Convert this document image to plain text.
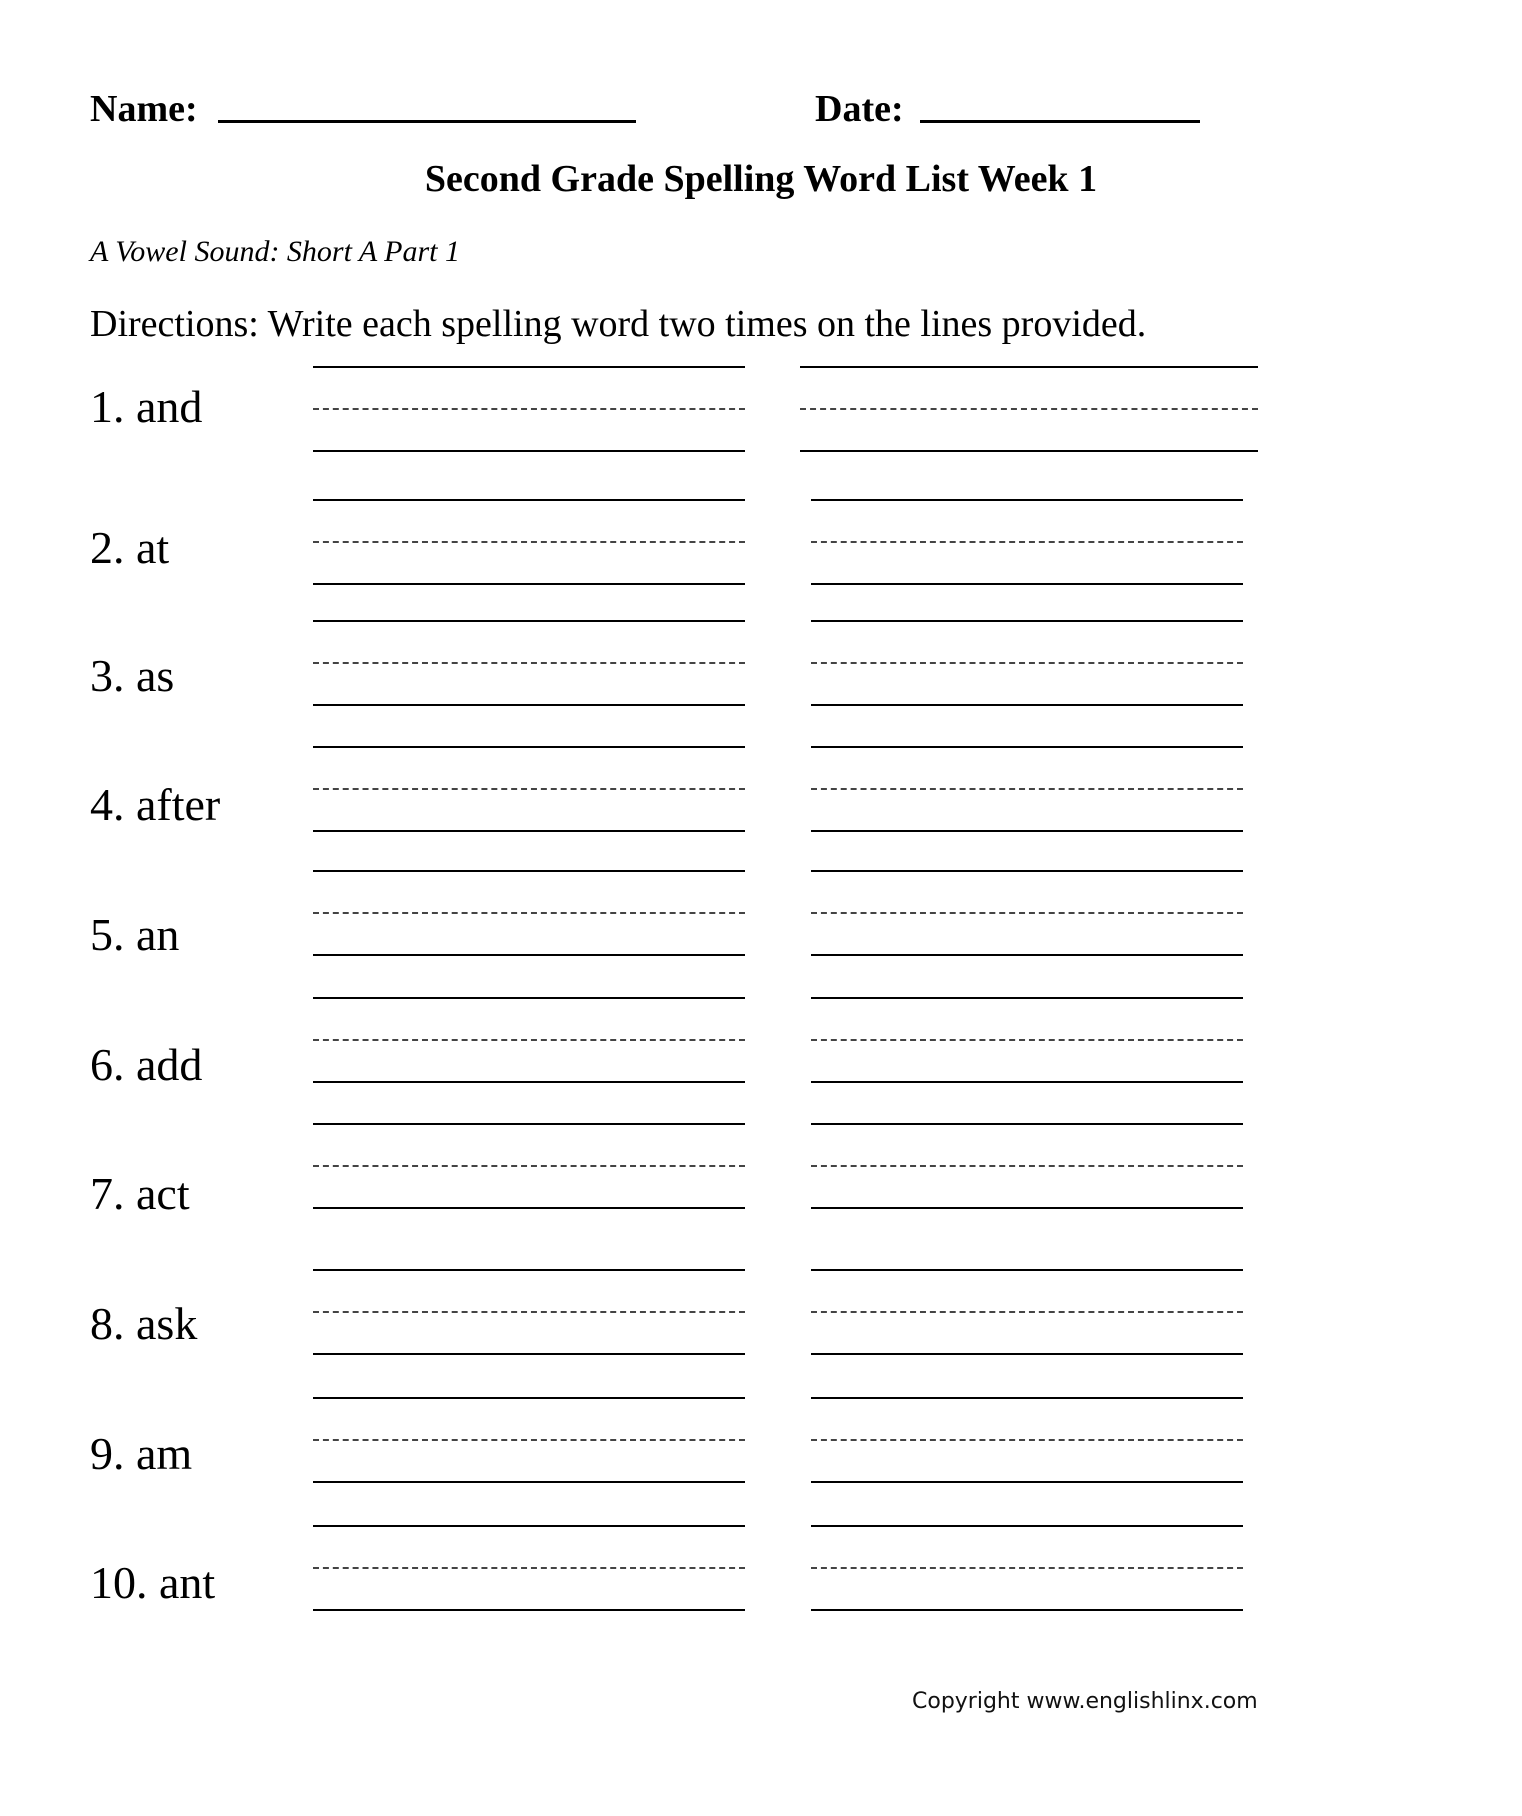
Name:	Date:
Second Grade Spelling Word List Week 1
A Vowel Sound: Short A Part 1
Directions: Write each spelling word two times on the lines provided.
1. and
2. at
3. as
4. after
5. an
6. add
7. act
8. ask
9. am
10. ant
Copyright www.englishlinx.com
